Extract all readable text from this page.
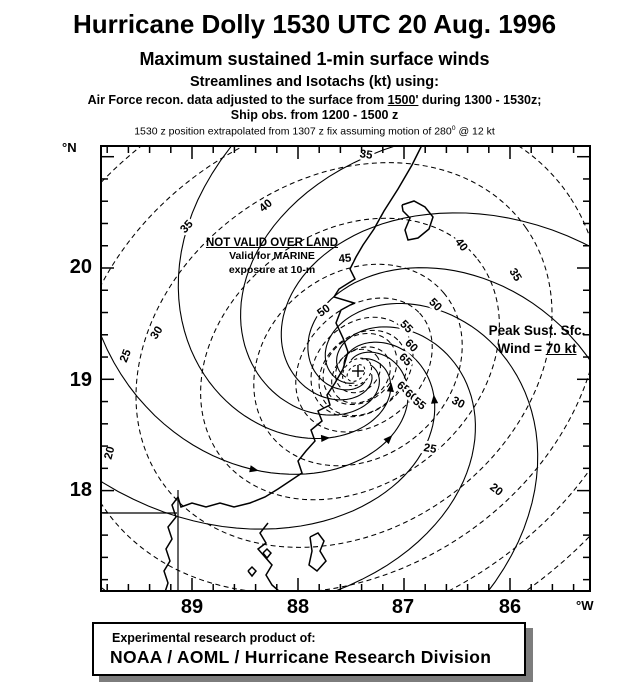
Hurricane Dolly 1530 UTC 20 Aug. 1996
Maximum sustained 1-min surface winds
Streamlines and Isotachs (kt) using:
Air Force recon. data adjusted to the surface from 1500' during 1300 - 1530z;
Ship obs. from 1200 - 1500 z
1530 z position extrapolated from 1307 z fix assuming motion of $280^0$ @ 12 kt
°N
20
19
18
89	88	87	86	°W
20
25
30
35
40
35
40
35
45
50	50
55
60
65
65
60
55 30
25
20
NOT VALID OVER LAND
Valid for MARINE
exposure at 10-m
Peak Sust. Sfc.
Wind = 70 kt
Experimental research product of:
NOAA / AOML / Hurricane Research Division
